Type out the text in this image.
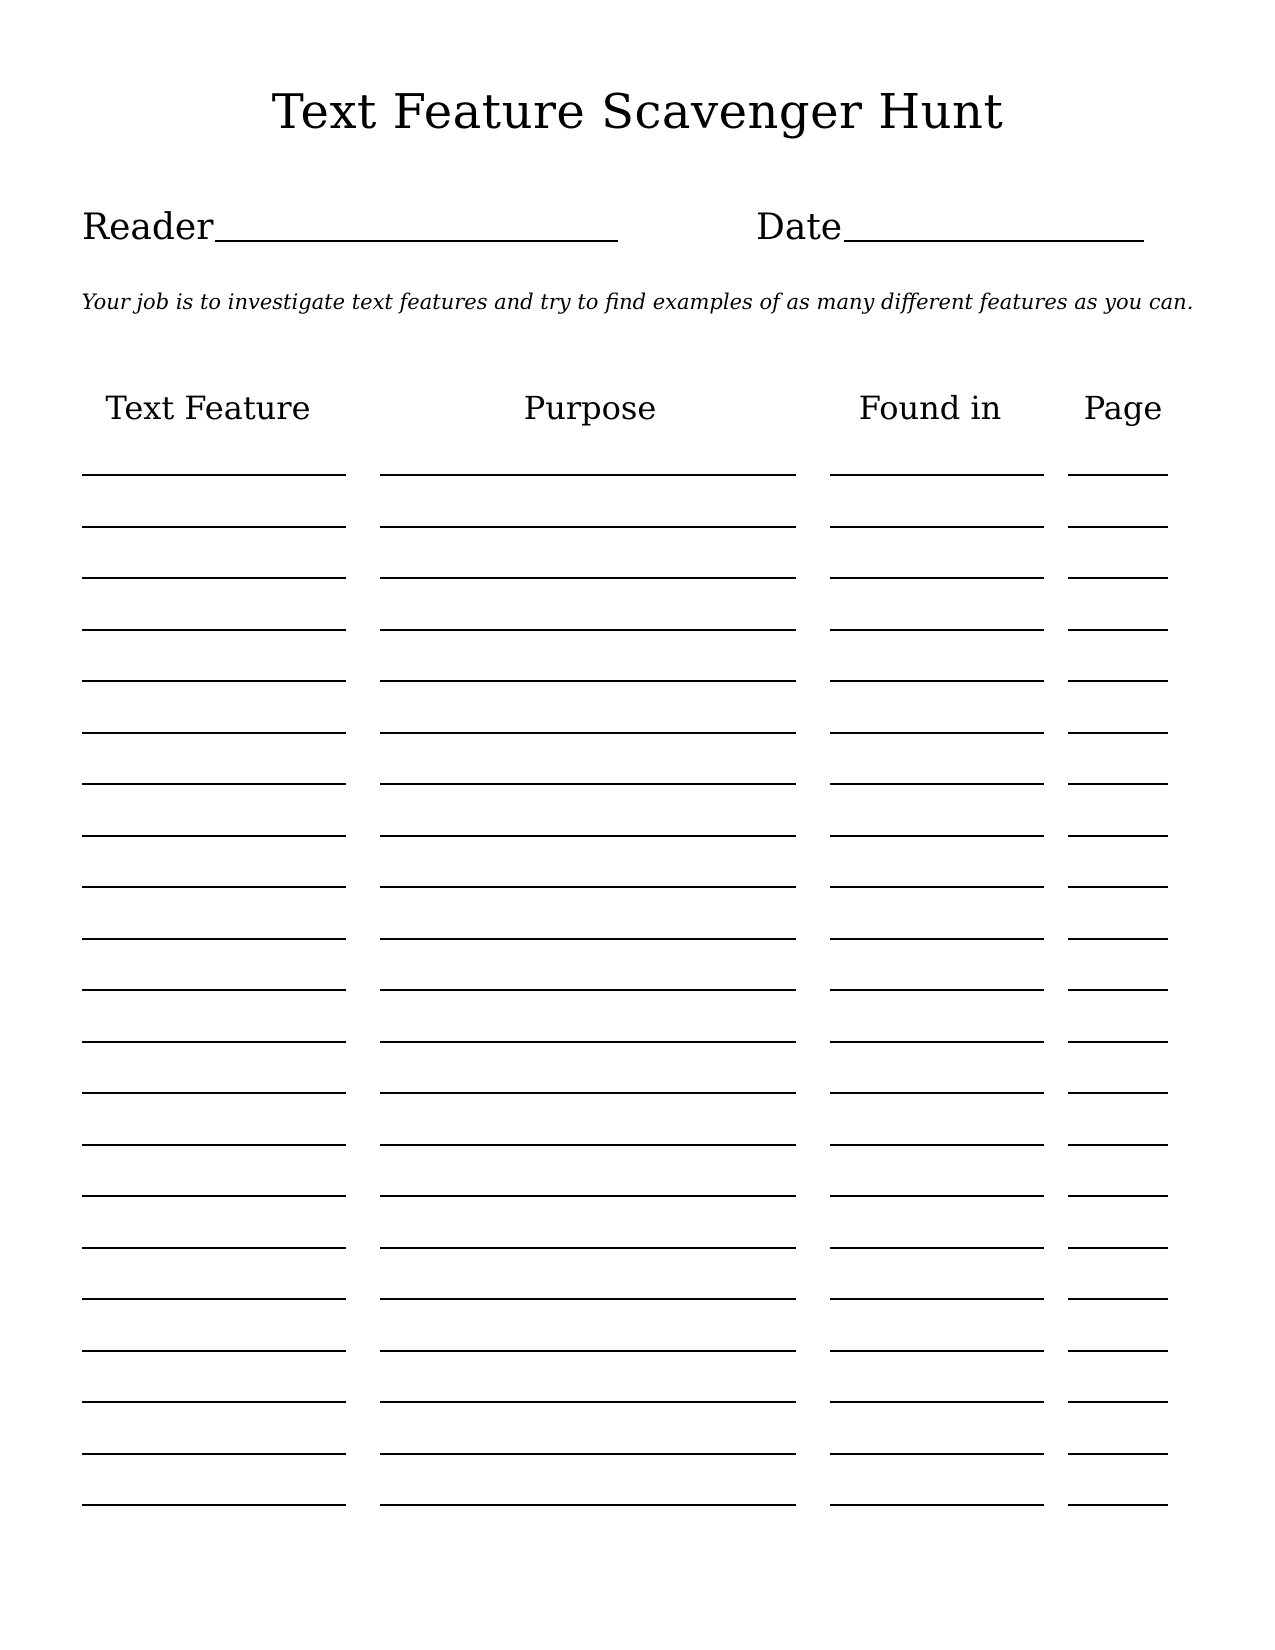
Text Feature Scavenger Hunt
Reader	Date

Your job is to investigate text features and try to find examples of as many different features as you can.

Text Feature	Purpose	Found in	Page
